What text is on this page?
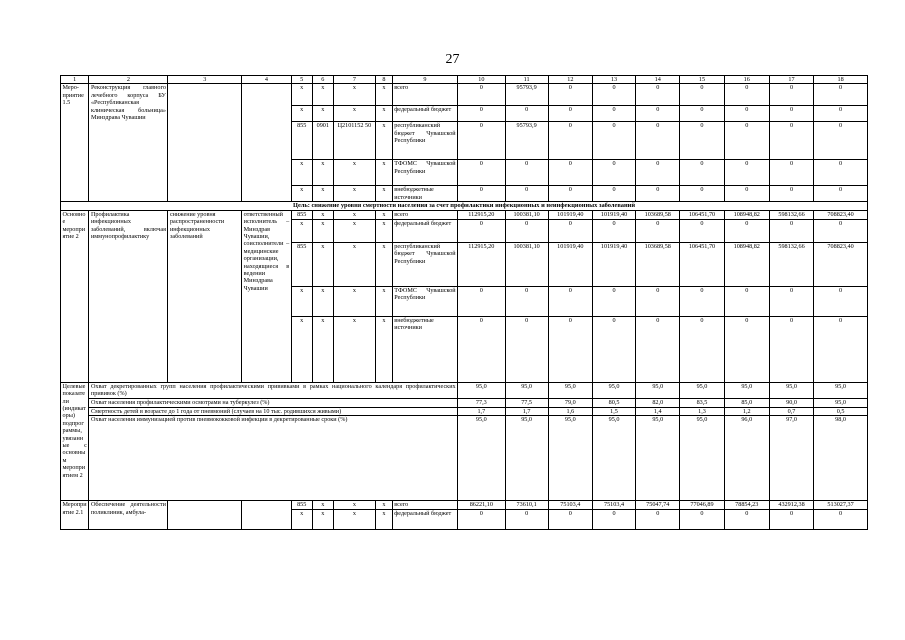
27
1	2	3	4	5	6	7	8	9	10	11	12	13	14	15	16	17	18
Меро-приятие 1.5	Реконструкция главного лечебного корпуса БУ «Республиканская клиническая больница» Минздрава Чувашии			x	x	x	x	всего	0	95793,9	0	0	0	0	0	0	0
				x	x	x	x	федеральный бюджет	0	0	0	0	0	0	0	0	0
				855	0901	Ц2101152 50	x	республиканский бюджет Чувашской Республики	0	95793,9	0	0	0	0	0	0	0
				x	x	x	x	ТФОМС Чувашской Республики	0	0	0	0	0	0	0	0	0
				x	x	x	x	внебюджетные источники	0	0	0	0	0	0	0	0	0
Цель: снижение уровня смертности населения за счет профилактики инфекционных и неинфекционных заболеваний																	
Основное мероприятие 2	Профилактика инфекционных заболеваний, включая иммунопрофилактику	снижение уровня распространенности инфекционных заболеваний	ответственный исполнитель – Минздрав Чувашии, соисполнители – медицинские организации, находящиеся в ведении Минздрава Чувашии	855	x	x	x	всего	112915,20	100381,10	101919,40	101919,40	103689,58	106451,70	108948,82	598132,66	708823,40
				x	x	x	x	федеральный бюджет	0	0	0	0	0	0	0	0	0
				855	x	x	x	республиканский бюджет Чувашской Республики	112915,20	100381,10	101919,40	101919,40	103689,58	106451,70	108948,82	598132,66	708823,40
				x	x	x	x	ТФОМС Чувашской Республики	0	0	0	0	0	0	0	0	0
				x	x	x	x	внебюджетные источники	0	0	0	0	0	0	0	0	0
Целевые показатели (индикаторы) подпрограммы, увязанные с основным мероприятием 2	Охват декретированных групп населения профилактическими прививками в рамках национального календаря профилактических прививок (%)								95,0	95,0	95,0	95,0	95,0	95,0	95,0	95,0	95,0
	Охват населения профилактическими осмотрами на туберкулез (%)								77,3	77,5	79,0	80,5	82,0	83,5	85,0	90,0	95,0
	Смертность детей в возрасте до 1 года от пневмоний (случаев на 10 тыс. родившихся живыми)								1,7	1,7	1,6	1,5	1,4	1,3	1,2	0,7	0,5
	Охват населения иммунизацией против пневмококковой инфекции в декретированные сроки (%)								95,0	95,0	95,0	95,0	95,0	95,0	96,0	97,0	98,0
Мероприятие 2.1	Обеспечение деятельности поликлиник, амбула-			855	x	x	x	всего	86221,10	73610,1	75103,4	75103,4	75047,74	77046,89	78854,23	432912,38	513027,37
				x	x	x	x	федеральный бюджет	0	0	0	0	0	0	0	0	0
